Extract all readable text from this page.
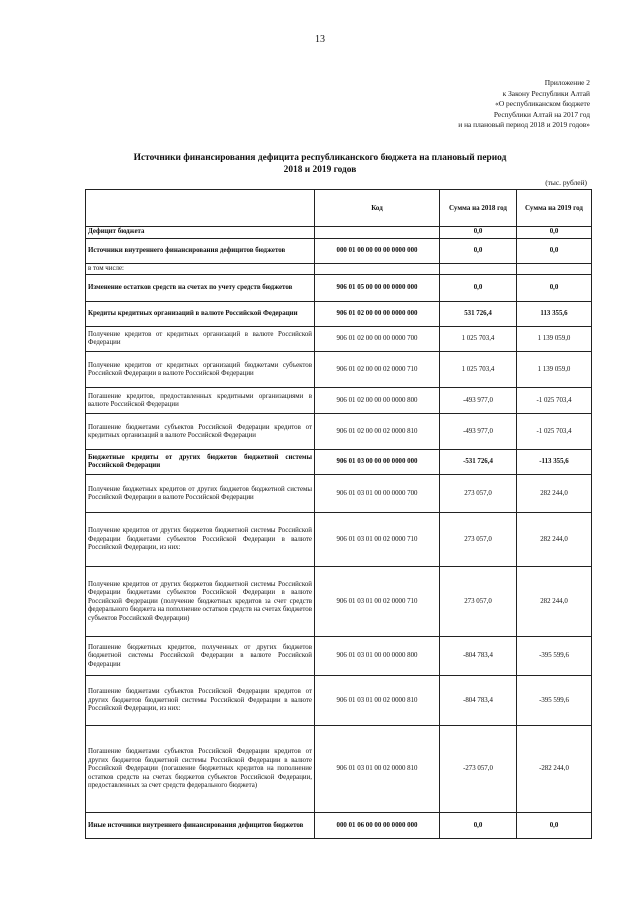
13
Приложение 2
к Закону Республики Алтай
«О республиканском бюджете
Республики Алтай на 2017 год
и на плановый период 2018 и 2019 годов»
Источники финансирования дефицита республиканского бюджета на плановый период
2018 и 2019 годов
(тыс. рублей)
	Код	Сумма на 2018 год	Сумма на 2019 год
Дефицит бюджета		0,0	0,0
Источники внутреннего финансирования дефицитов бюджетов	000 01 00 00 00 00 0000 000	0,0	0,0
в том числе:			
Изменение остатков средств на счетах по учету средств бюджетов	906 01 05 00 00 00 0000 000	0,0	0,0
Кредиты кредитных организаций в валюте Российской Федерации	906 01 02 00 00 00 0000 000	531 726,4	113 355,6
Получение кредитов от кредитных организаций в валюте Российской Федерации	906 01 02 00 00 00 0000 700	1 025 703,4	1 139 059,0
Получение кредитов от кредитных организаций бюджетами субъектов Российской Федерации в валюте Российской Федерации	906 01 02 00 00 02 0000 710	1 025 703,4	1 139 059,0
Погашение кредитов, предоставленных кредитными организациями в валюте Российской Федерации	906 01 02 00 00 00 0000 800	-493 977,0	-1 025 703,4
Погашение бюджетами субъектов Российской Федерации кредитов от кредитных организаций в валюте Российской Федерации	906 01 02 00 00 02 0000 810	-493 977,0	-1 025 703,4
Бюджетные кредиты от других бюджетов бюджетной системы Российской Федерации	906 01 03 00 00 00 0000 000	-531 726,4	-113 355,6
Получение бюджетных кредитов от других бюджетов бюджетной системы Российской Федерации в валюте Российской Федерации	906 01 03 01 00 00 0000 700	273 057,0	282 244,0
Получение кредитов от других бюджетов бюджетной системы Российской Федерации бюджетами субъектов Российской Федерации в валюте Российской Федерации, из них:	906 01 03 01 00 02 0000 710	273 057,0	282 244,0
Получение кредитов от других бюджетов бюджетной системы Российской Федерации бюджетами субъектов Российской Федерации в валюте Российской Федерации (получение бюджетных кредитов за счет средств федерального бюджета на пополнение остатков средств на счетах бюджетов субъектов Российской Федерации)	906 01 03 01 00 02 0000 710	273 057,0	282 244,0
Погашение бюджетных кредитов, полученных от других бюджетов бюджетной системы Российской Федерации в валюте Российской Федерации	906 01 03 01 00 00 0000 800	-804 783,4	-395 599,6
Погашение бюджетами субъектов Российской Федерации кредитов от других бюджетов бюджетной системы Российской Федерации в валюте Российской Федерации, из них:	906 01 03 01 00 02 0000 810	-804 783,4	-395 599,6
Погашение бюджетами субъектов Российской Федерации кредитов от других бюджетов бюджетной системы Российской Федерации в валюте Российской Федерации (погашение бюджетных кредитов на пополнение остатков средств на счетах бюджетов субъектов Российской Федерации, предоставленных за счет средств федерального бюджета)	906 01 03 01 00 02 0000 810	-273 057,0	-282 244,0
Иные источники внутреннего финансирования дефицитов бюджетов	000 01 06 00 00 00 0000 000	0,0	0,0
